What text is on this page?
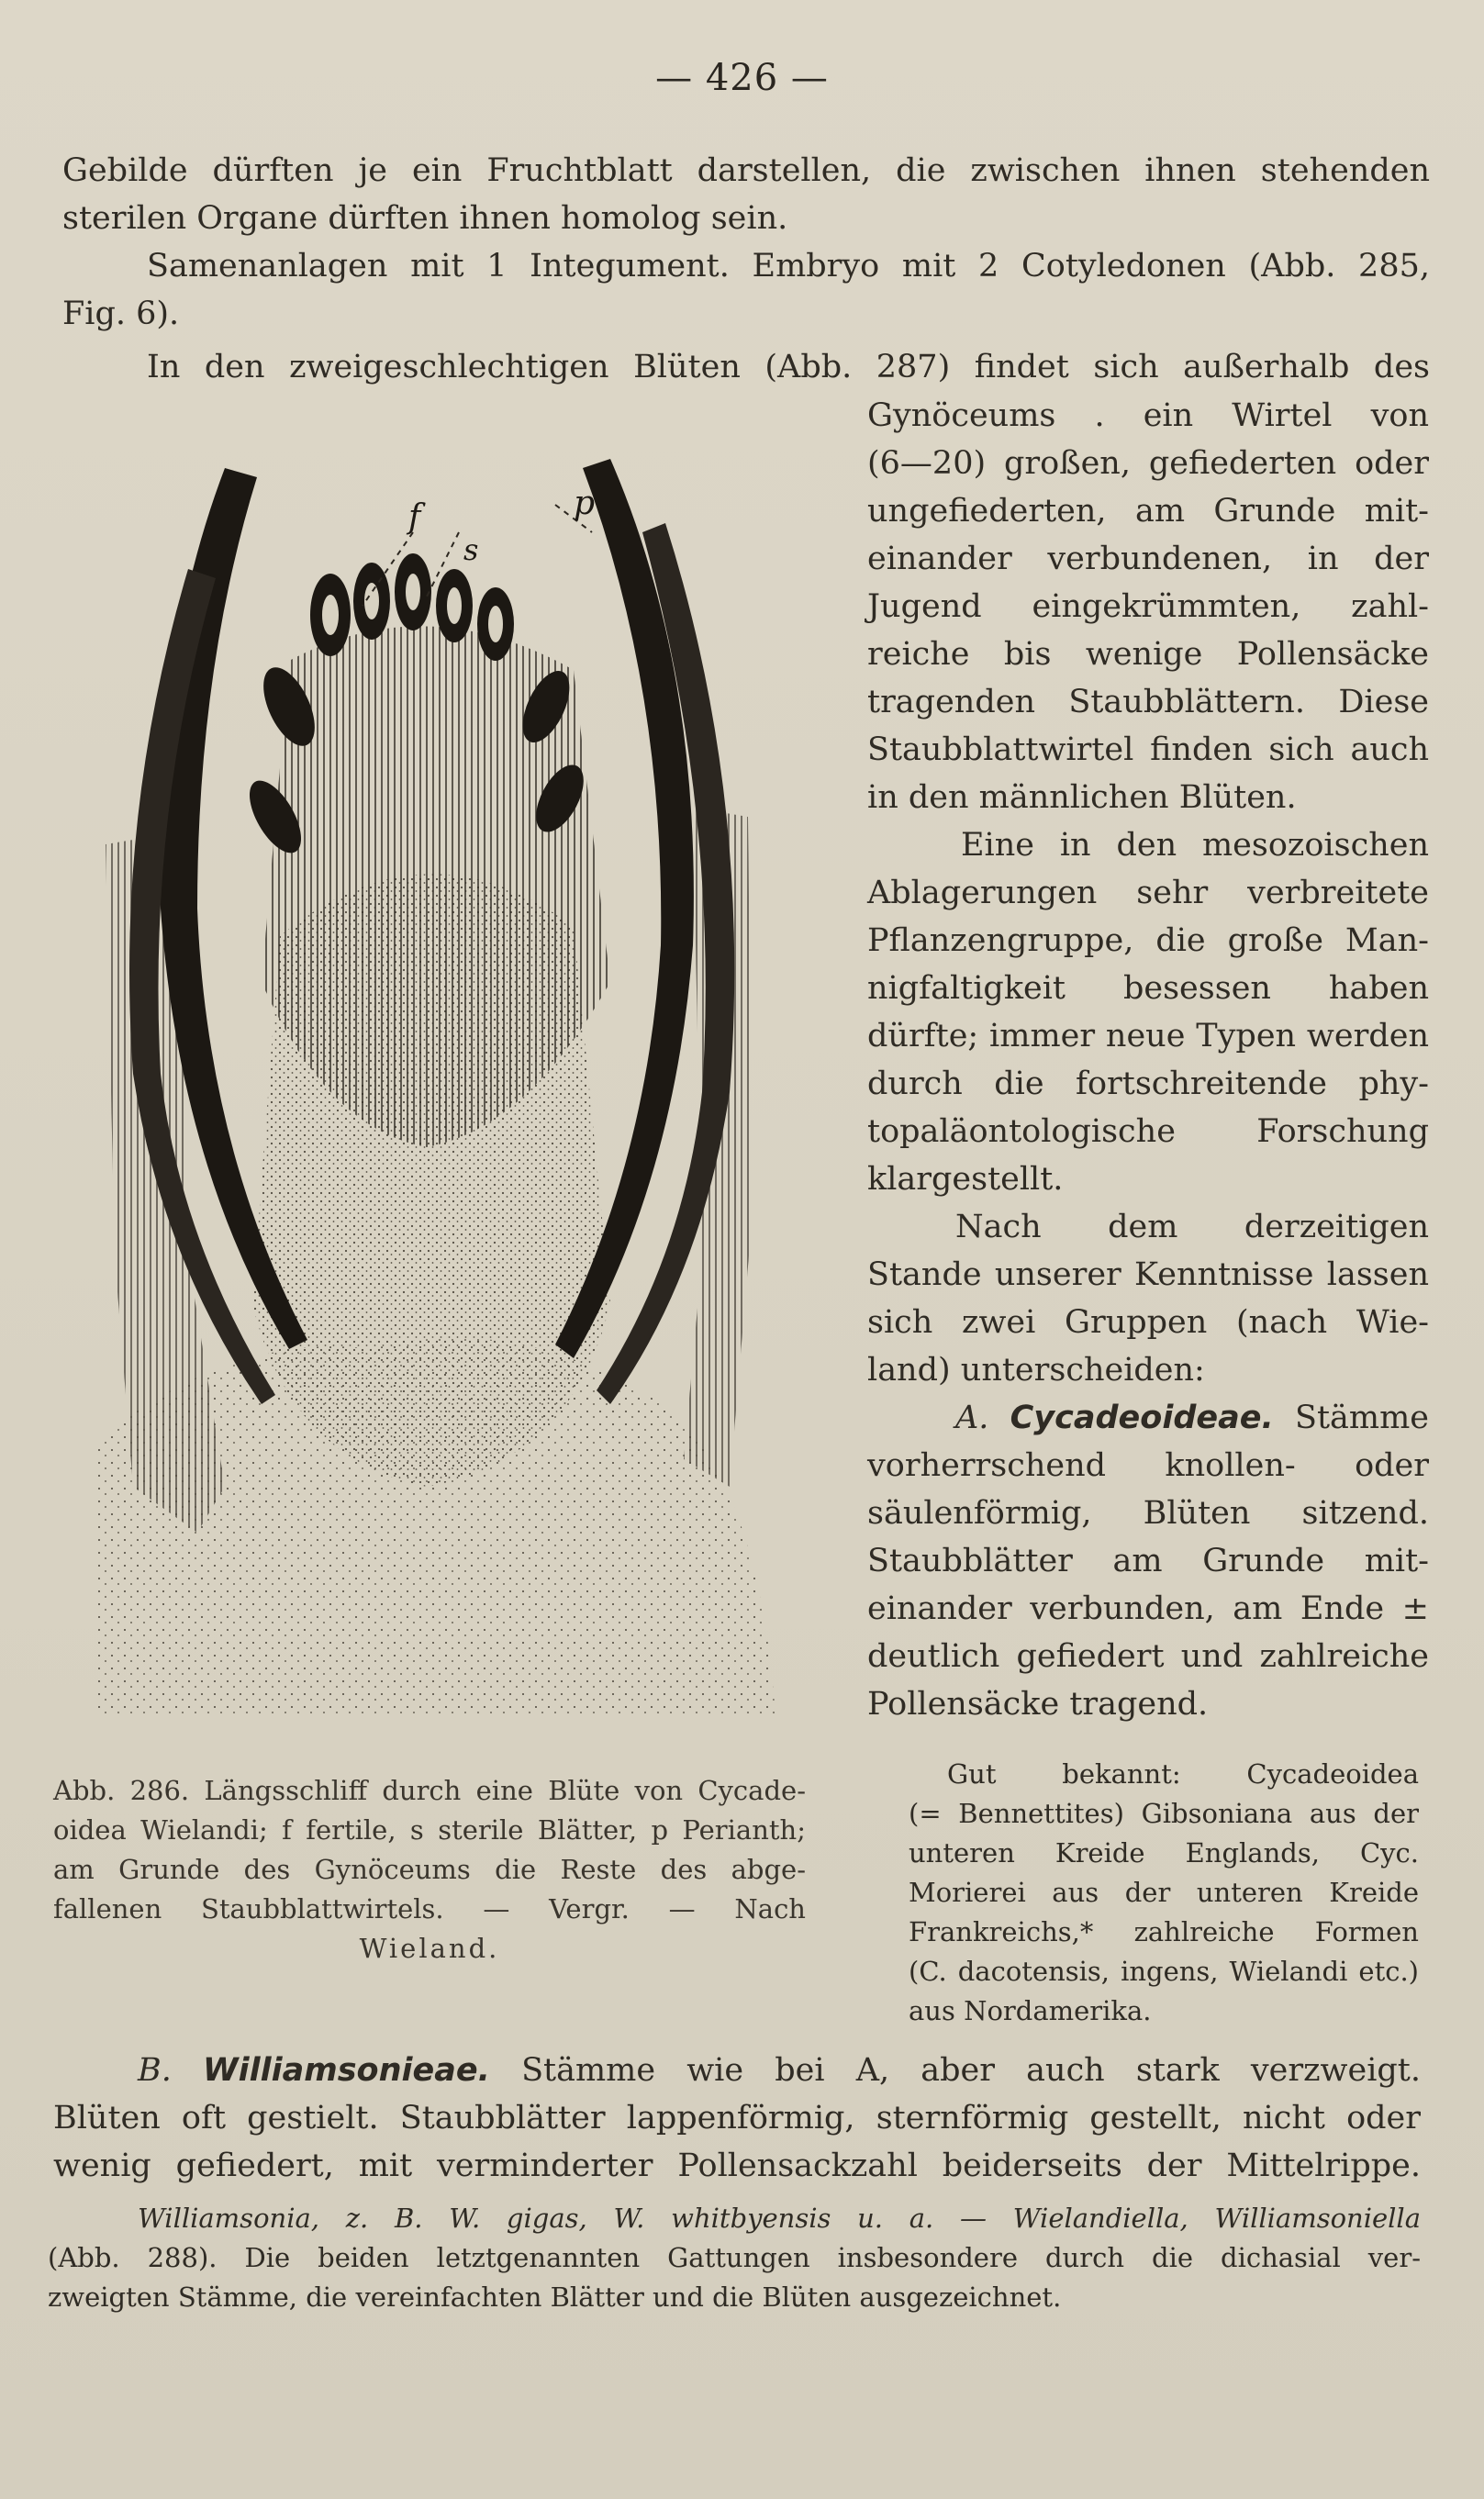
— 426 —
Gebilde dürften je ein Fruchtblatt darstellen, die zwischen ihnen stehenden
sterilen Organe dürften ihnen homolog sein.
Samenanlagen mit 1 Integument. Embryo mit 2 Cotyledonen (Abb. 285,
Fig. 6).
In den zweigeschlechtigen Blüten (Abb. 287) findet sich außerhalb des
Gynöceums . ein Wirtel von
(6—20) großen, gefiederten oder
ungefiederten, am Grunde mit-
einander verbundenen, in der
Jugend eingekrümmten, zahl-
reiche bis wenige Pollensäcke
tragenden Staubblättern. Diese
Staubblattwirtel finden sich auch
in den männlichen Blüten.
Eine in den mesozoischen
Ablagerungen sehr verbreitete
Pflanzengruppe, die große Man-
nigfaltigkeit besessen haben
dürfte; immer neue Typen werden
durch die fortschreitende phy-
topaläontologische Forschung
klargestellt.
Nach dem derzeitigen
Stande unserer Kenntnisse lassen
sich zwei Gruppen (nach Wie-
land) unterscheiden:
A. Cycadeoideae. Stämme
vorherrschend knollen- oder
säulenförmig, Blüten sitzend.
Staubblätter am Grunde mit-
einander verbunden, am Ende ±
deutlich gefiedert und zahlreiche
Pollensäcke tragend.
Gut bekannt: Cycadeoidea
(= Bennettites) Gibsoniana aus der
unteren Kreide Englands, Cyc.
Morierei aus der unteren Kreide
Frankreichs,* zahlreiche Formen
(C. dacotensis, ingens, Wielandi etc.)
aus Nordamerika.
f
s
p
Abb. 286. Längsschliff durch eine Blüte von Cycade-
oidea Wielandi; f fertile, s sterile Blätter, p Perianth;
am Grunde des Gynöceums die Reste des abge-
fallenen Staubblattwirtels. — Vergr. — Nach
Wieland.
B. Williamsonieae. Stämme wie bei A, aber auch stark verzweigt.
Blüten oft gestielt. Staubblätter lappenförmig, sternförmig gestellt, nicht oder
wenig gefiedert, mit verminderter Pollensackzahl beiderseits der Mittelrippe.
Williamsonia, z. B. W. gigas, W. whitbyensis u. a. — Wielandiella, Williamsoniella
(Abb. 288). Die beiden letztgenannten Gattungen insbesondere durch die dichasial ver-
zweigten Stämme, die vereinfachten Blätter und die Blüten ausgezeichnet.
